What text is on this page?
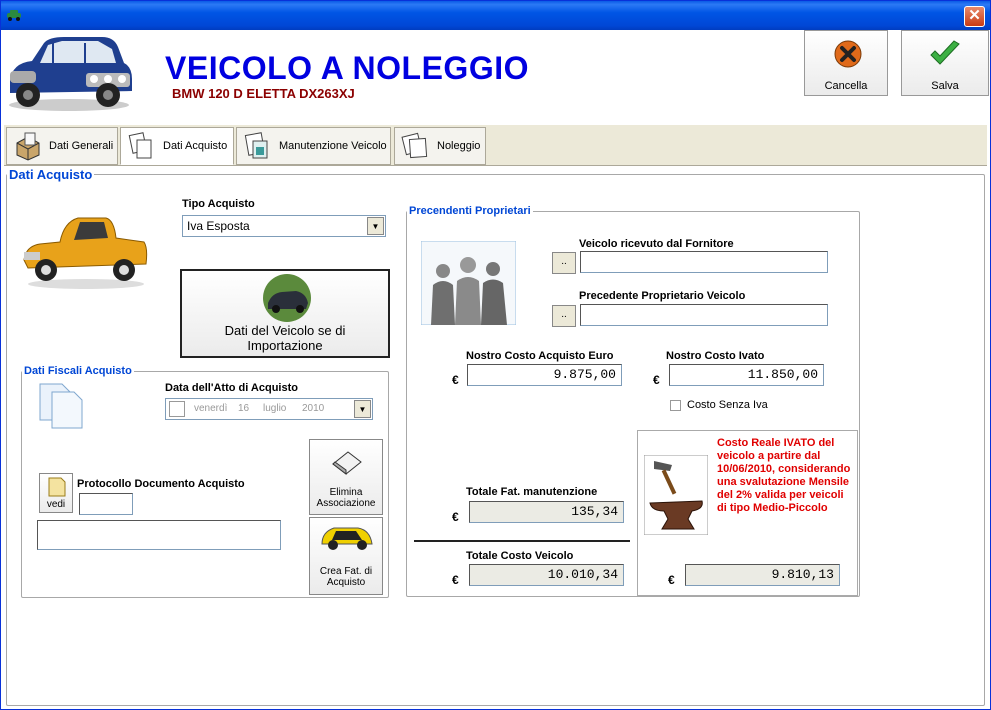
✕
VEICOLO A NOLEGGIO
BMW 120 D ELETTA DX263XJ	Cancella	Salva
Dati Generali	Dati Acquisto	Manutenzione Veicolo	Noleggio
Dati Acquisto
Tipo Acquisto
Iva Esposta	▼
Dati del Veicolo se di Importazione
Dati Fiscali Acquisto
Data dell'Atto di Acquisto
venerdì 16 luglio 2010	▼
vedi
Protocollo Documento Acquisto
Elimina Associazione
Crea Fat. di Acquisto
Precendenti Proprietari
Veicolo ricevuto dal Fornitore
..
Precedente Proprietario Veicolo
..
Nostro Costo Acquisto Euro
€	9.875,00
Nostro Costo Ivato
€	11.850,00
Costo Senza Iva
Totale Fat. manutenzione
€	135,34
Totale Costo Veicolo
€	10.010,34
Costo Reale IVATO del veicolo a partire dal 10/06/2010, considerando una svalutazione Mensile del 2% valida per veicoli di tipo Medio-Piccolo
€	9.810,13
